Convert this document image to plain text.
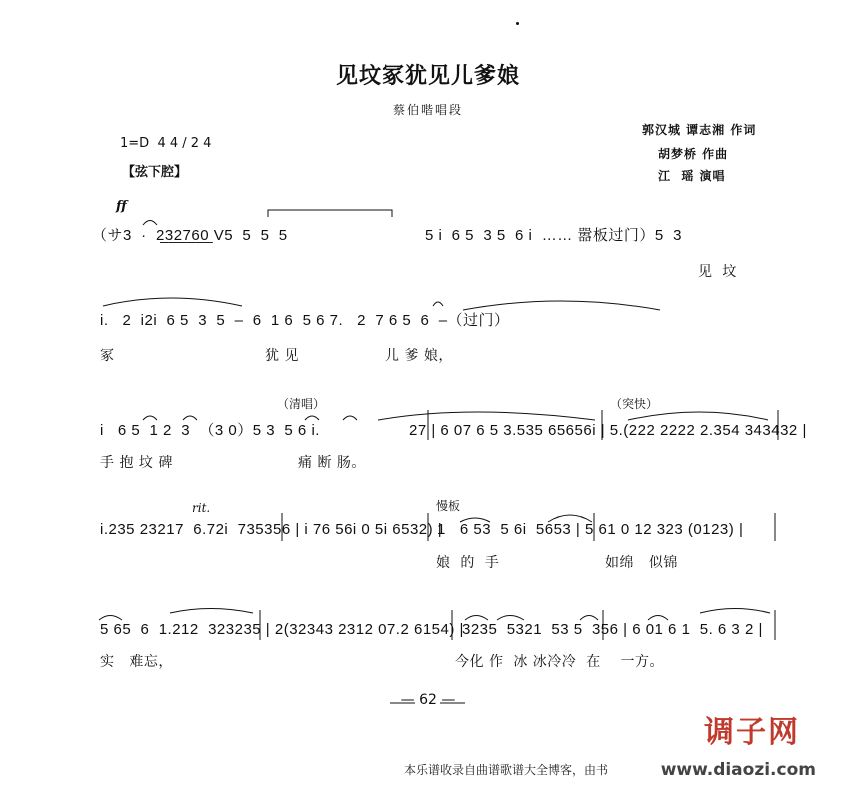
见坟冢犹见儿爹娘
蔡伯喈唱段
1=D 4 4 / 2 4
【弦下腔】
郭汉城 谭志湘 作词
胡梦桥 作曲
江  瑶 演唱
ff
（サ3  ·  2̲3̲2̲7̲6̲0̲ V5  5  5  5	5 i  6 5  3 5  6 i  …… 嚣板过门）5  3
见  坟
i.   2  i2i  6 5  3  5  –  6  1 6  5 6 7.   2  7 6 5  6  –（过门）
冢	犹 见	儿 爹 娘，
（清唱）	（突快）
i   6 5  1 2  3  （3 0）5 3  5 6 i.	27 | 6 07 6 5 3.535 65656i | 5.(222 2222 2.354 343432 |
手 抱 坟 碑	痛 断 肠。
rit.	慢板
i.235 23217  6.72i  735356 | i 76 56i 0 5i 6532) |
1   6 53  5 6i  5653 | 5 61 0 12 323 (0123) |
娘  的  手	如绵   似锦
5 65  6  1.212  323235 | 2(32343 2312 07.2 6154) |
3235  5321  53 5  356 | 6 01 6 1  5. 6 3 2 |
实   难忘，	今化 作  冰 冰冷冷  在    一方。
— 62 —
调子网
本乐谱收录自曲谱歌谱大全博客，由书	www.diaozi.com
